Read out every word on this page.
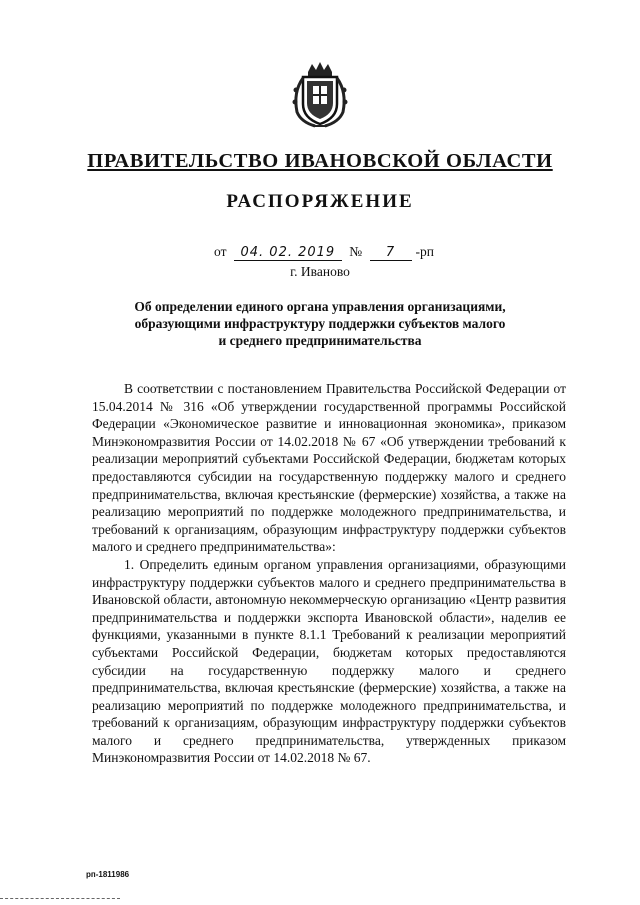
ПРАВИТЕЛЬСТВО ИВАНОВСКОЙ ОБЛАСТИ
РАСПОРЯЖЕНИЕ
от 04. 02. 2019 № 7 -рп
г. Иваново
Об определении единого органа управления организациями,
образующими инфраструктуру поддержки субъектов малого
и среднего предпринимательства

В соответствии с постановлением Правительства Российской Федерации от 15.04.2014 № 316 «Об утверждении государственной программы Российской Федерации «Экономическое развитие и инновационная экономика», приказом Минэкономразвития России от 14.02.2018 № 67 «Об утверждении требований к реализации мероприятий субъектами Российской Федерации, бюджетам которых предоставляются субсидии на государственную поддержку малого и среднего предпринимательства, включая крестьянские (фермерские) хозяйства, а также на реализацию мероприятий по поддержке молодежного предпринимательства, и требований к организациям, образующим инфраструктуру поддержки субъектов малого и среднего предпринимательства»:

1. Определить единым органом управления организациями, образующими инфраструктуру поддержки субъектов малого и среднего предпринимательства в Ивановской области, автономную некоммерческую организацию «Центр развития предпринимательства и поддержки экспорта Ивановской области», наделив ее функциями, указанными в пункте 8.1.1 Требований к реализации мероприятий субъектами Российской Федерации, бюджетам которых предоставляются субсидии на государственную поддержку малого и среднего предпринимательства, включая крестьянские (фермерские) хозяйства, а также на реализацию мероприятий по поддержке молодежного предпринимательства, и требований к организациям, образующим инфраструктуру поддержки субъектов малого и среднего предпринимательства, утвержденных приказом Минэкономразвития России от 14.02.2018 № 67.

рп-1811986
